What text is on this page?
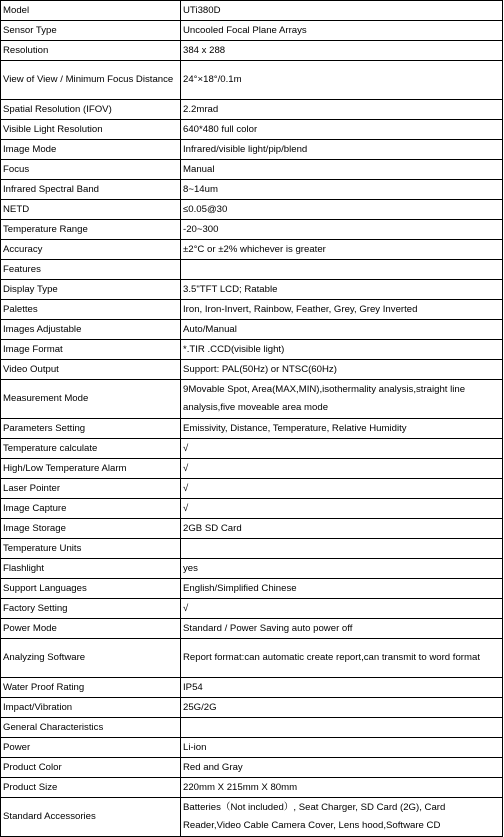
Model	UTi380D
Sensor Type	Uncooled Focal Plane Arrays
Resolution	384 x 288
View of View / Minimum Focus Distance	24°×18°/0.1m
Spatial Resolution (IFOV)	2.2mrad
Visible Light Resolution	640*480 full color
Image Mode	Infrared/visible light/pip/blend
Focus	Manual
Infrared Spectral Band	8~14um
NETD	≤0.05@30
Temperature Range	-20~300
Accuracy	±2°C or ±2% whichever is greater
Features	
Display Type	3.5"TFT LCD; Ratable
Palettes	Iron, Iron-Invert, Rainbow, Feather, Grey, Grey Inverted
Images Adjustable	Auto/Manual
Image Format	*.TIR .CCD(visible light)
Video Output	Support: PAL(50Hz) or NTSC(60Hz)
Measurement Mode	9Movable Spot, Area(MAX,MIN),isothermality analysis,straight line analysis,five moveable area mode
Parameters Setting	Emissivity, Distance, Temperature, Relative Humidity
Temperature calculate	√
High/Low Temperature Alarm	√
Laser Pointer	√
Image Capture	√
Image Storage	2GB SD Card
Temperature Units	
Flashlight	yes
Support Languages	English/Simplified Chinese
Factory Setting	√
Power Mode	Standard / Power Saving auto power off
Analyzing Software	Report format:can automatic create report,can transmit to word format
Water Proof Rating	IP54
Impact/Vibration	25G/2G
General Characteristics	
Power	Li-ion
Product Color	Red and Gray
Product Size	220mm X 215mm X 80mm
Standard Accessories	Batteries（Not included）, Seat Charger, SD Card (2G), Card Reader,Video Cable Camera Cover, Lens hood,Software CD
